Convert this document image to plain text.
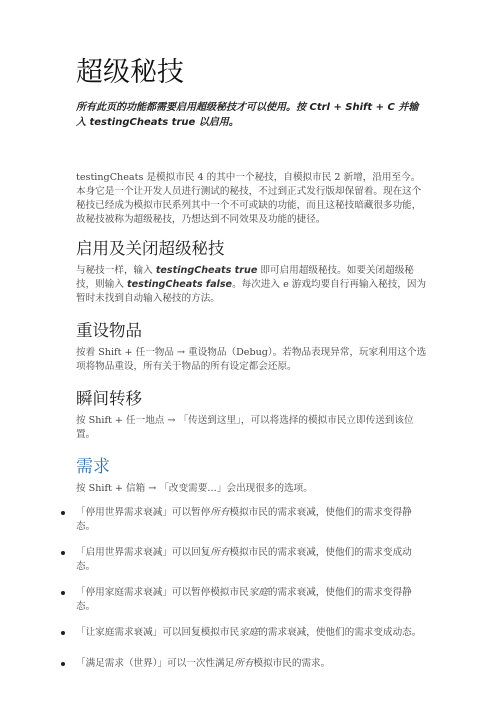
超级秘技

所有此页的功能都需要启用超级秘技才可以使用。按 Ctrl + Shift + C 并输入 testingCheats true 以启用。

testingCheats 是模拟市民 4 的其中一个秘技，自模拟市民 2 新增，沿用至今。本身它是一个让开发人员进行测试的秘技，不过到正式发行版却保留着。现在这个秘技已经成为模拟市民系列其中一个不可或缺的功能，而且这秘技暗藏很多功能，故秘技被称为超级秘技，乃想达到不同效果及功能的捷径。

启用及关闭超级秘技

与秘技一样，输入 testingCheats true 即可启用超级秘技。如要关闭超级秘技，则输入 testingCheats false。每次进入 e 游戏均要自行再输入秘技，因为暂时未找到自动输入秘技的方法。

重设物品

按着 Shift + 任一物品 → 重设物品（Debug）。若物品表现异常，玩家利用这个选项将物品重设，所有关于物品的所有设定都会还原。

瞬间转移

按 Shift + 任一地点 → 「传送到这里」，可以将选择的模拟市民立即传送到该位置。

需求

按 Shift + 信箱 → 「改变需要…」会出现很多的选项。

「停用世界需求衰减」可以暂停所有模拟市民的需求衰减，使他们的需求变得静态。
「启用世界需求衰减」可以回复所有模拟市民的需求衰减，使他们的需求变成动态。
「停用家庭需求衰减」可以暂停模拟市民家庭的需求衰减，使他们的需求变得静态。
「让家庭需求衰减」可以回复模拟市民家庭的需求衰减，使他们的需求变成动态。
「满足需求（世界）」可以一次性满足所有模拟市民的需求。
